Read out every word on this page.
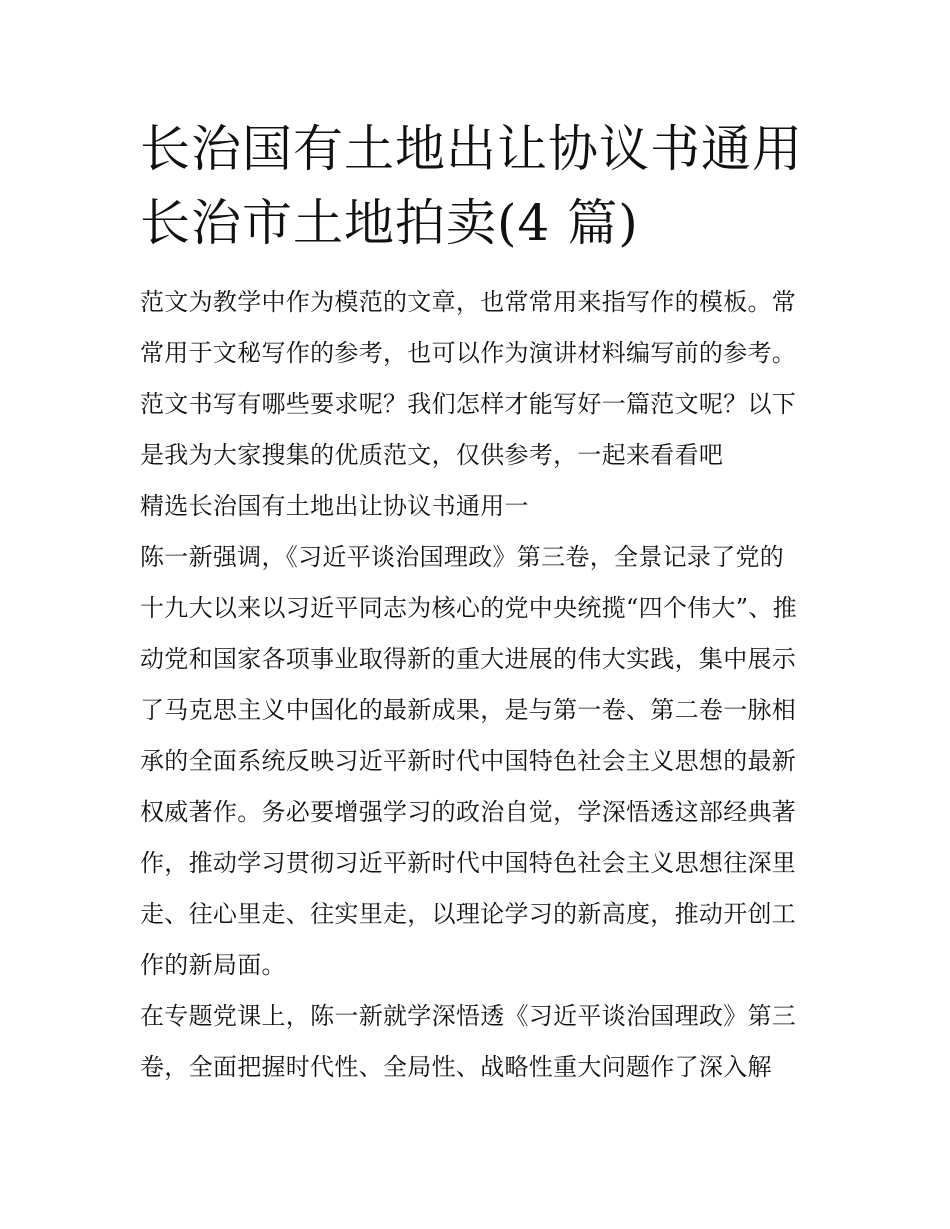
长治国有土地出让协议书通用
长治市土地拍卖(4 篇)
范文为教学中作为模范的文章，也常常用来指写作的模板。常
常用于文秘写作的参考，也可以作为演讲材料编写前的参考。
范文书写有哪些要求呢？我们怎样才能写好一篇范文呢？以下
是我为大家搜集的优质范文，仅供参考，一起来看看吧
精选长治国有土地出让协议书通用一
陈一新强调，《习近平谈治国理政》第三卷，全景记录了党的
十九大以来以习近平同志为核心的党中央统揽“四个伟大”、推
动党和国家各项事业取得新的重大进展的伟大实践，集中展示
了马克思主义中国化的最新成果，是与第一卷、第二卷一脉相
承的全面系统反映习近平新时代中国特色社会主义思想的最新
权威著作。务必要增强学习的政治自觉，学深悟透这部经典著
作，推动学习贯彻习近平新时代中国特色社会主义思想往深里
走、往心里走、往实里走，以理论学习的新高度，推动开创工
作的新局面。
在专题党课上，陈一新就学深悟透《习近平谈治国理政》第三
卷，全面把握时代性、全局性、战略性重大问题作了深入解
